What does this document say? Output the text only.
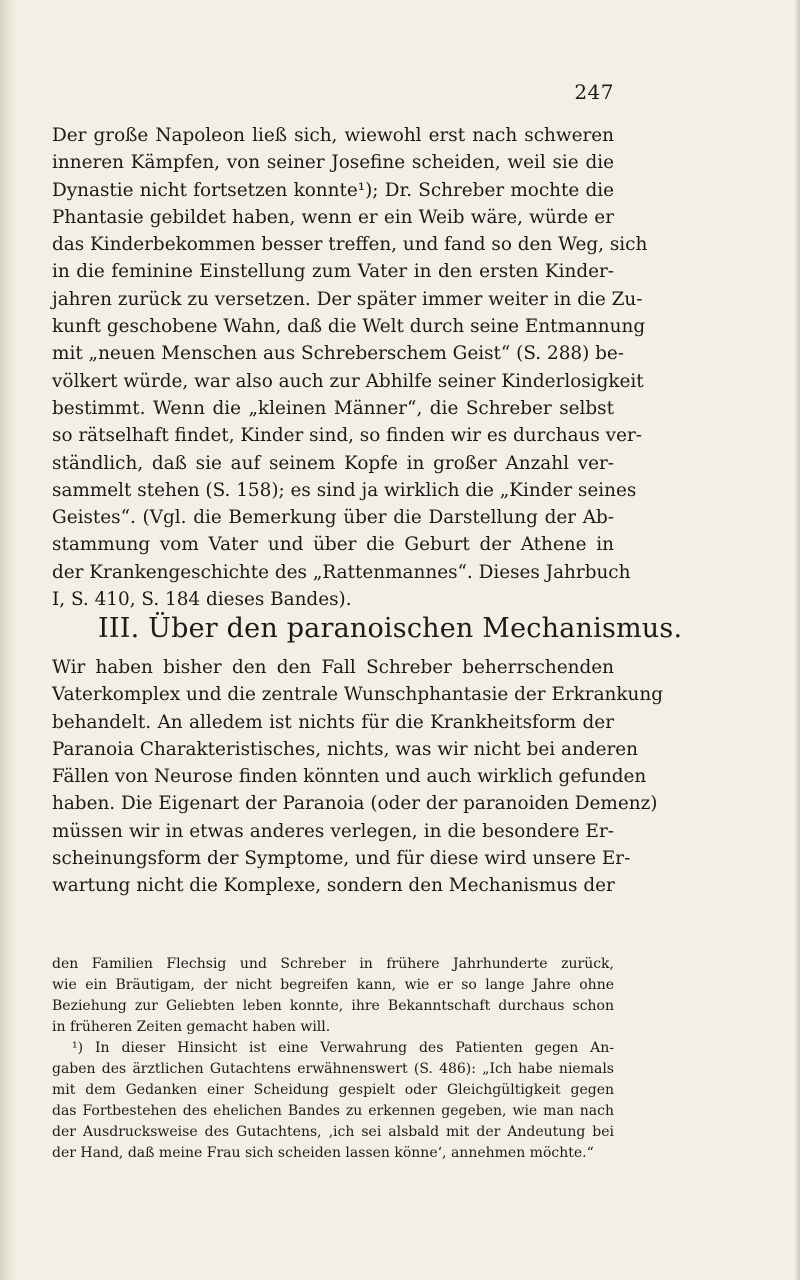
247

Der große Napoleon ließ sich, wiewohl erst nach schweren
inneren Kämpfen, von seiner Josefine scheiden, weil sie die
Dynastie nicht fortsetzen konnte¹); Dr. Schreber mochte die
Phantasie gebildet haben, wenn er ein Weib wäre, würde er
das Kinderbekommen besser treffen, und fand so den Weg, sich
in die feminine Einstellung zum Vater in den ersten Kinder-
jahren zurück zu versetzen. Der später immer weiter in die Zu-
kunft geschobene Wahn, daß die Welt durch seine Entmannung
mit „neuen Menschen aus Schreberschem Geist“ (S. 288) be-
völkert würde, war also auch zur Abhilfe seiner Kinderlosigkeit
bestimmt. Wenn die „kleinen Männer“, die Schreber selbst
so rätselhaft findet, Kinder sind, so finden wir es durchaus ver-
ständlich, daß sie auf seinem Kopfe in großer Anzahl ver-
sammelt stehen (S. 158); es sind ja wirklich die „Kinder seines
Geistes“. (Vgl. die Bemerkung über die Darstellung der Ab-
stammung vom Vater und über die Geburt der Athene in
der Krankengeschichte des „Rattenmannes“. Dieses Jahrbuch
I, S. 410, S. 184 dieses Bandes).

III. Über den paranoischen Mechanismus.

Wir haben bisher den den Fall Schreber beherrschenden
Vaterkomplex und die zentrale Wunschphantasie der Erkrankung
behandelt. An alledem ist nichts für die Krankheitsform der
Paranoia Charakteristisches, nichts, was wir nicht bei anderen
Fällen von Neurose finden könnten und auch wirklich gefunden
haben. Die Eigenart der Paranoia (oder der paranoiden Demenz)
müssen wir in etwas anderes verlegen, in die besondere Er-
scheinungsform der Symptome, und für diese wird unsere Er-
wartung nicht die Komplexe, sondern den Mechanismus der

den Familien Flechsig und Schreber in frühere Jahrhunderte zurück,
wie ein Bräutigam, der nicht begreifen kann, wie er so lange Jahre ohne
Beziehung zur Geliebten leben konnte, ihre Bekanntschaft durchaus schon
in früheren Zeiten gemacht haben will.
¹) In dieser Hinsicht ist eine Verwahrung des Patienten gegen An-
gaben des ärztlichen Gutachtens erwähnenswert (S. 486): „Ich habe niemals
mit dem Gedanken einer Scheidung gespielt oder Gleichgültigkeit gegen
das Fortbestehen des ehelichen Bandes zu erkennen gegeben, wie man nach
der Ausdrucksweise des Gutachtens, ‚ich sei alsbald mit der Andeutung bei
der Hand, daß meine Frau sich scheiden lassen könne‘, annehmen möchte.“
